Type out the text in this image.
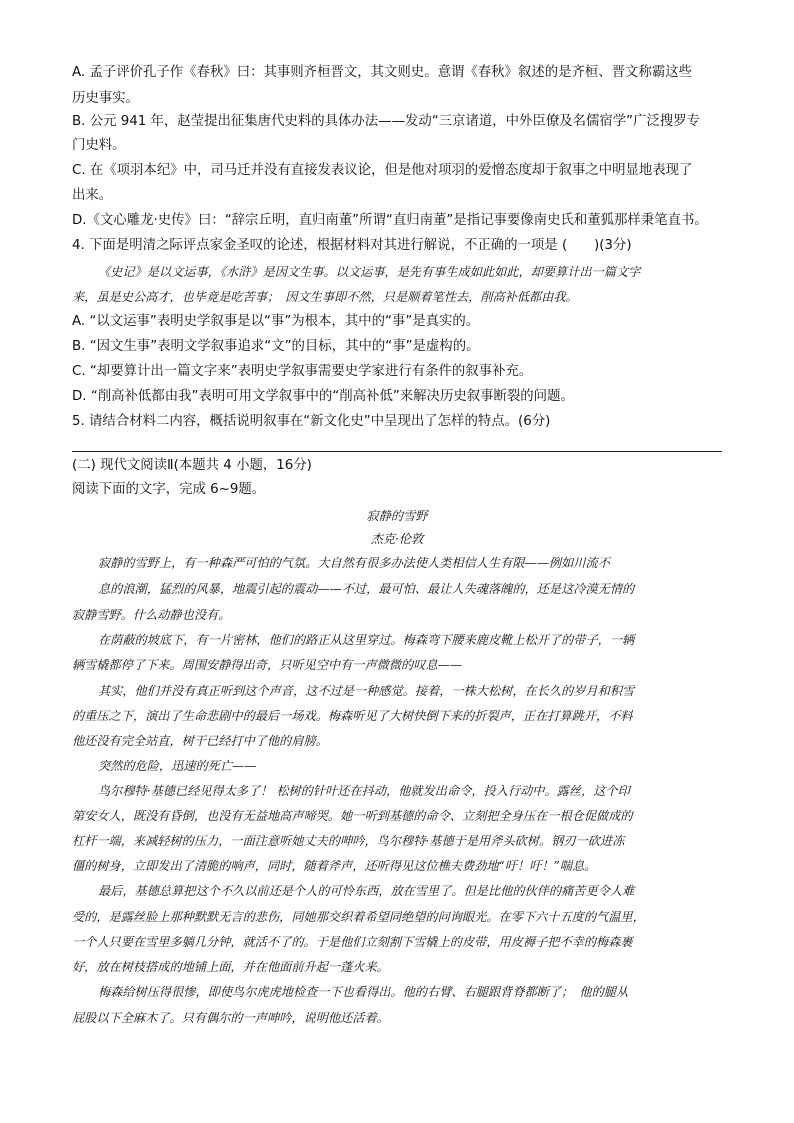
A. 孟子评价孔子作《春秋》曰：其事则齐桓晋文，其文则史。意谓《春秋》叙述的是齐桓、晋文称霸这些
历史事实。
B. 公元 941 年，赵莹提出征集唐代史料的具体办法——发动“三京诸道，中外臣僚及名儒宿学”广泛搜罗专
门史料。
C. 在《项羽本纪》中，司马迁并没有直接发表议论，但是他对项羽的爱憎态度却于叙事之中明显地表现了
出来。
D.《文心雕龙·史传》曰：“辞宗丘明，直归南董”所谓“直归南董”是指记事要像南史氏和董狐那样秉笔直书。
4. 下面是明清之际评点家金圣叹的论述，根据材料对其进行解说，不正确的一项是 (　　)(3分)
《史记》是以文运事，《水浒》是因文生事。以文运事，是先有事生成如此如此，却要算计出一篇文字
来，虽是史公高才，也毕竟是吃苦事；　因文生事即不然，只是顺着笔性去，削高补低都由我。
A. “以文运事”表明史学叙事是以“事”为根本，其中的“事”是真实的。
B. “因文生事”表明文学叙事追求“文”的目标，其中的“事”是虚构的。
C. “却要算计出一篇文字来”表明史学叙事需要史学家进行有条件的叙事补充。
D. “削高补低都由我”表明可用文学叙事中的“削高补低”来解决历史叙事断裂的问题。
5. 请结合材料二内容，概括说明叙事在“新文化史”中呈现出了怎样的特点。(6分)
(二) 现代文阅读Ⅱ(本题共 4 小题，16分)
阅读下面的文字，完成 6~9题。
寂静的雪野
杰克·伦敦
寂静的雪野上，有一种森严可怕的气氛。大自然有很多办法使人类相信人生有限——例如川流不
息的浪潮，猛烈的风暴，地震引起的震动——不过，最可怕、最让人失魂落魄的，还是这冷漠无情的
寂静雪野。什么动静也没有。
在荫蔽的坡底下，有一片密林，他们的路正从这里穿过。梅森弯下腰来鹿皮靴上松开了的带子，一辆
辆雪橇都停了下来。周围安静得出奇，只听见空中有一声微微的叹息——
其实，他们并没有真正听到这个声音，这不过是一种感觉。接着，一株大松树，在长久的岁月和积雪
的重压之下，演出了生命悲剧中的最后一场戏。梅森听见了大树快倒下来的折裂声，正在打算跳开，不料
他还没有完全站直，树干已经打中了他的肩膀。
突然的危险，迅速的死亡——
鸟尔穆特·基德已经见得太多了！ 松树的针叶还在抖动，他就发出命令，投入行动中。露丝，这个印
第安女人，既没有昏倒，也没有无益地高声啼哭。她一听到基德的命令、立刻把全身压在一根仓促做成的
杠杆一端，来减轻树的压力，一面注意听她丈夫的呻吟，鸟尔穆特·基德于是用斧头砍树。钢刃一砍进冻
僵的树身，立即发出了清脆的响声，同时，随着斧声，还听得见这位樵夫费劲地“吁！吁！”喘息。
最后，基德总算把这个不久以前还是个人的可怜东西，放在雪里了。但是比他的伙伴的痛苦更令人难
受的，是露丝脸上那种默默无言的悲伤，同她那交织着希望同绝望的问询眼光。在零下六十五度的气温里，
一个人只要在雪里多躺几分钟，就活不了的。于是他们立刻割下雪橇上的皮带，用皮褥子把不幸的梅森裹
好，放在树枝搭成的地铺上面，并在他面前升起一蓬火来。
梅森给树压得很惨，即使鸟尔虎虎地检查一下也看得出。他的右臂、右腿跟背脊都断了；　他的腿从
屁股以下全麻木了。只有偶尔的一声呻吟，说明他还活着。
